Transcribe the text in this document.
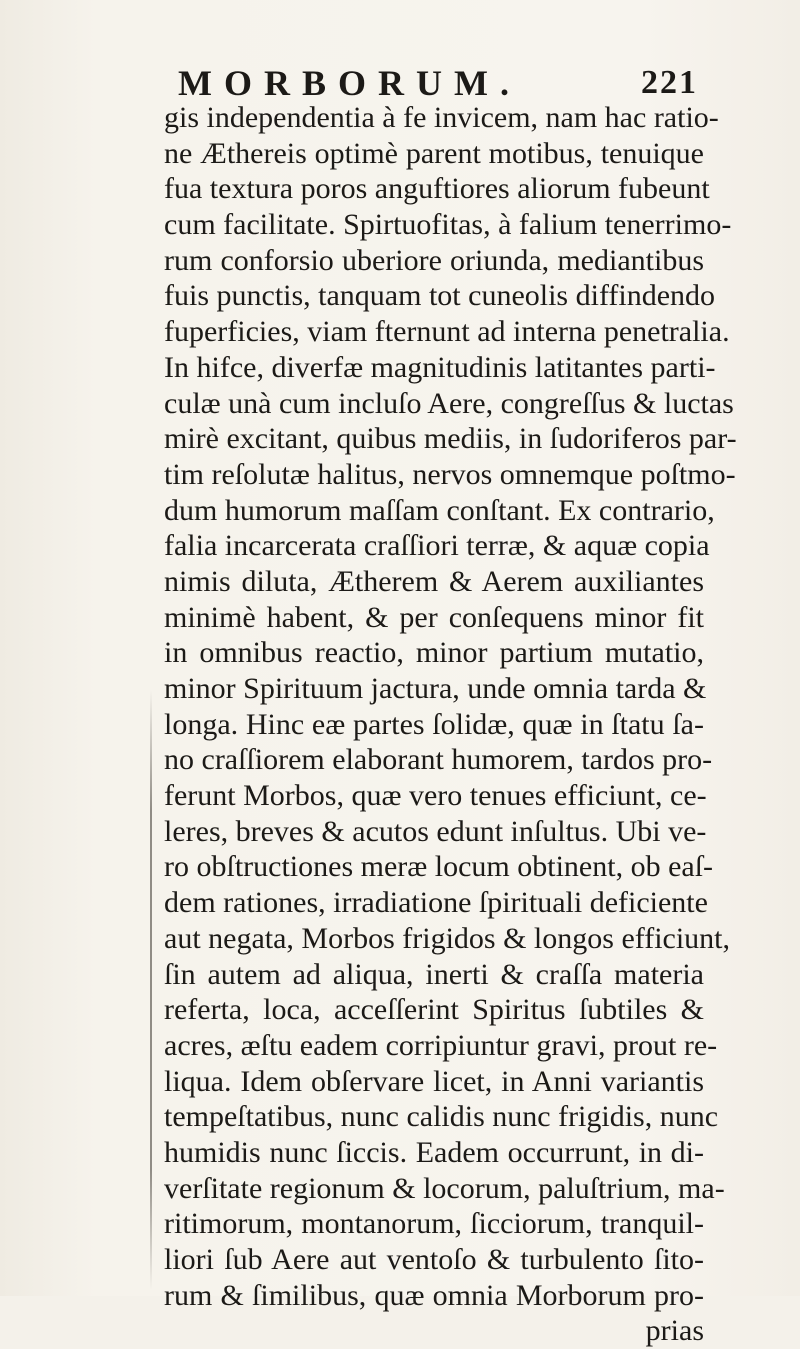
MORBORUM.	221
gis independentia à fe invicem, nam hac ratio-
ne Æthereis optimè parent motibus, tenuique
fua textura poros anguftiores aliorum fubeunt
cum facilitate. Spirtuofitas, à falium tenerrimo-
rum conforsio uberiore oriunda, mediantibus
fuis punctis, tanquam tot cuneolis diffindendo
fuperficies, viam fternunt ad interna penetralia.
In hifce, diverfæ magnitudinis latitantes parti-
culæ unà cum incluſo Aere, congreſſus & luctas
mirè excitant, quibus mediis, in ſudoriferos par-
tim reſolutæ halitus, nervos omnemque poſtmo-
dum humorum maſſam conſtant. Ex contrario,
falia incarcerata craſſiori terræ, & aquæ copia
nimis diluta, Ætherem & Aerem auxiliantes
minimè habent, & per conſequens minor fit
in omnibus reactio, minor partium mutatio,
minor Spirituum jactura, unde omnia tarda &
longa. Hinc eæ partes ſolidæ, quæ in ſtatu ſa-
no craſſiorem elaborant humorem, tardos pro-
ferunt Morbos, quæ vero tenues efficiunt, ce-
leres, breves & acutos edunt inſultus. Ubi ve-
ro obſtructiones meræ locum obtinent, ob eaſ-
dem rationes, irradiatione ſpirituali deficiente
aut negata, Morbos frigidos & longos efficiunt,
ſin autem ad aliqua, inerti & craſſa materia
referta, loca, acceſſerint Spiritus ſubtiles &
acres, æſtu eadem corripiuntur gravi, prout re-
liqua. Idem obſervare licet, in Anni variantis
tempeſtatibus, nunc calidis nunc frigidis, nunc
humidis nunc ſiccis. Eadem occurrunt, in di-
verſitate regionum & locorum, paluſtrium, ma-
ritimorum, montanorum, ſicciorum, tranquil-
liori ſub Aere aut ventoſo & turbulento ſito-
rum & ſimilibus, quæ omnia Morborum pro-
prias
